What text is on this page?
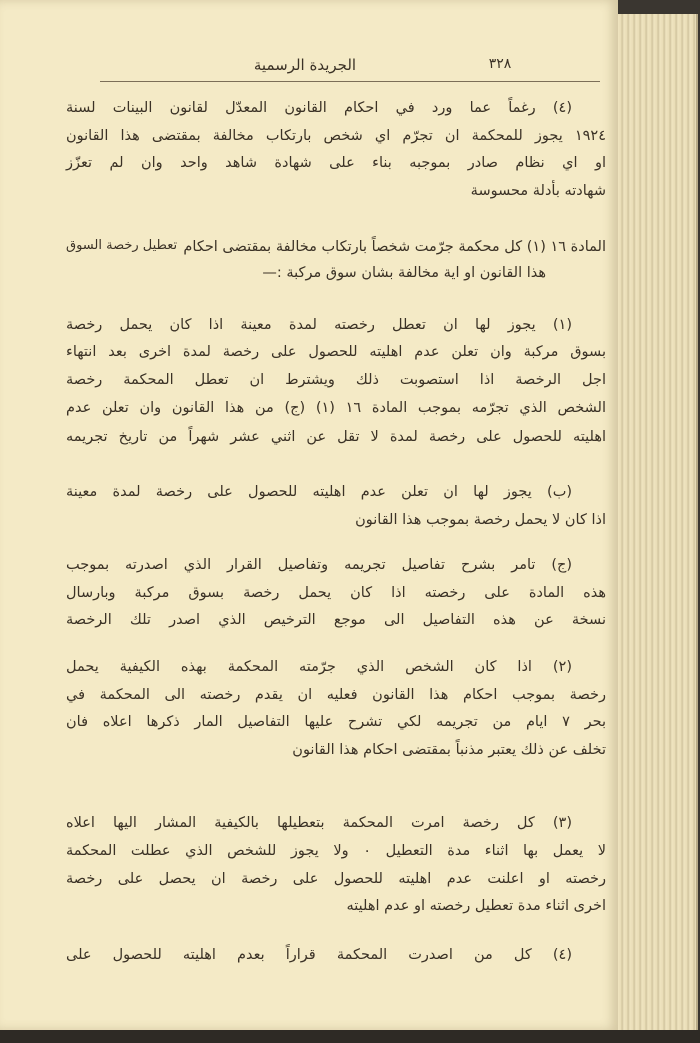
الجريدة الرسمية	٣٢٨
(٤) رغماً عما ورد في احكام القانون المعدّل لقانون البينات لسنة
١٩٢٤ يجوز للمحكمة ان تجرّم اي شخص بارتكاب مخالفة بمقتضى هذا القانون
او اي نظام صادر بموجبه بناء على شهادة شاهد واحد وان لم تعزّز
شهادته بأدلة محسوسة
تعطيل رخصة السوق المادة ١٦ (١) كل محكمة جرّمت شخصاً بارتكاب مخالفة بمقتضى احكام
هذا القانون او اية مخالفة بشان سوق مركبة :—
(١) يجوز لها ان تعطل رخصته لمدة معينة اذا كان يحمل رخصة
بسوق مركبة وان تعلن عدم اهليته للحصول على رخصة لمدة اخرى بعد انتهاء
اجل الرخصة اذا استصوبت ذلك ويشترط ان تعطل المحكمة رخصة
الشخص الذي تجرّمه بموجب المادة ١٦ (١) (ج) من هذا القانون وان تعلن عدم
اهليته للحصول على رخصة لمدة لا تقل عن اثني عشر شهراً من تاريخ تجريمه
(ب) يجوز لها ان تعلن عدم اهليته للحصول على رخصة لمدة معينة
اذا كان لا يحمل رخصة بموجب هذا القانون
(ج) تامر بشرح تفاصيل تجريمه وتفاصيل القرار الذي اصدرته بموجب
هذه المادة على رخصته اذا كان يحمل رخصة بسوق مركبة وبارسال
نسخة عن هذه التفاصيل الى موجع الترخيص الذي اصدر تلك الرخصة
(٢) اذا كان الشخص الذي جرّمته المحكمة بهذه الكيفية يحمل
رخصة بموجب احكام هذا القانون فعليه ان يقدم رخصته الى المحكمة في
بحر ٧ ايام من تجريمه لكي تشرح عليها التفاصيل المار ذكرها اعلاه فان
تخلف عن ذلك يعتبر مذنباً بمقتضى احكام هذا القانون
(٣) كل رخصة امرت المحكمة بتعطيلها بالكيفية المشار اليها اعلاه
لا يعمل بها اثناء مدة التعطيل ٠ ولا يجوز للشخص الذي عطلت المحكمة
رخصته او اعلنت عدم اهليته للحصول على رخصة ان يحصل على رخصة
اخرى اثناء مدة تعطيل رخصته او عدم اهليته
(٤) كل من اصدرت المحكمة قراراً بعدم اهليته للحصول على
